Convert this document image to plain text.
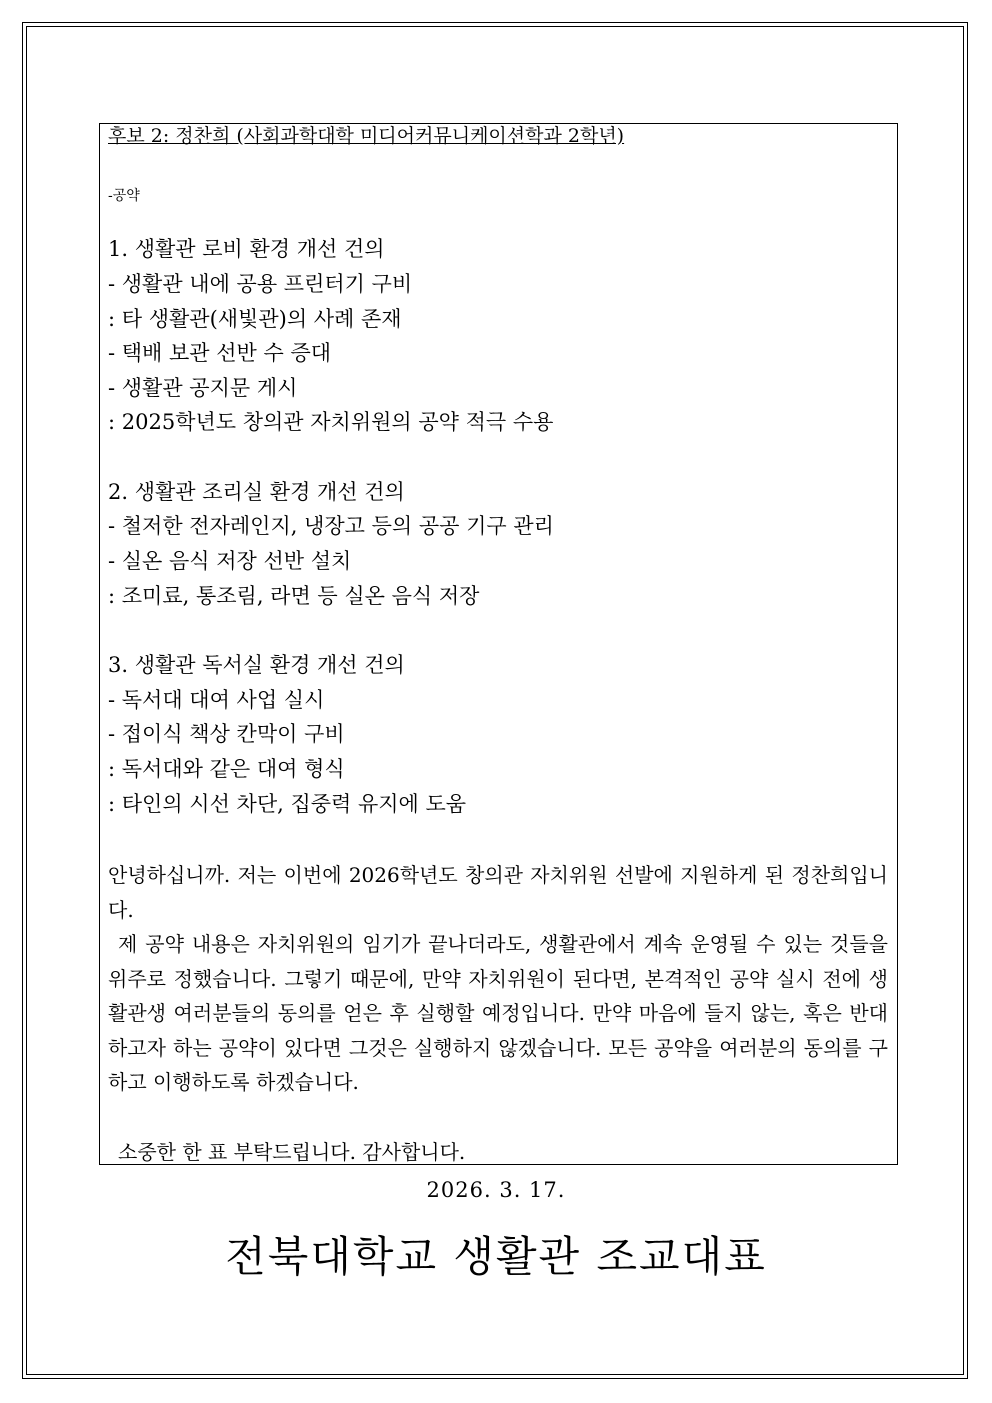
후보 2: 정찬희 (사회과학대학 미디어커뮤니케이션학과 2학년)
-공약
1. 생활관 로비 환경 개선 건의
- 생활관 내에 공용 프린터기 구비
: 타 생활관(새빛관)의 사례 존재
- 택배 보관 선반 수 증대
- 생활관 공지문 게시
: 2025학년도 창의관 자치위원의 공약 적극 수용
2. 생활관 조리실 환경 개선 건의
- 철저한 전자레인지, 냉장고 등의 공공 기구 관리
- 실온 음식 저장 선반 설치
: 조미료, 통조림, 라면 등 실온 음식 저장
3. 생활관 독서실 환경 개선 건의
- 독서대 대여 사업 실시
- 접이식 책상 칸막이 구비
: 독서대와 같은 대여 형식
: 타인의 시선 차단, 집중력 유지에 도움
안녕하십니까. 저는 이번에 2026학년도 창의관 자치위원 선발에 지원하게 된 정찬희입니다.
제 공약 내용은 자치위원의 임기가 끝나더라도, 생활관에서 계속 운영될 수 있는 것들을 위주로 정했습니다. 그렇기 때문에, 만약 자치위원이 된다면, 본격적인 공약 실시 전에 생활관생 여러분들의 동의를 얻은 후 실행할 예정입니다. 만약 마음에 들지 않는, 혹은 반대하고자 하는 공약이 있다면 그것은 실행하지 않겠습니다. 모든 공약을 여러분의 동의를 구하고 이행하도록 하겠습니다.
소중한 한 표 부탁드립니다. 감사합니다.
2026. 3. 17.
전북대학교 생활관 조교대표
